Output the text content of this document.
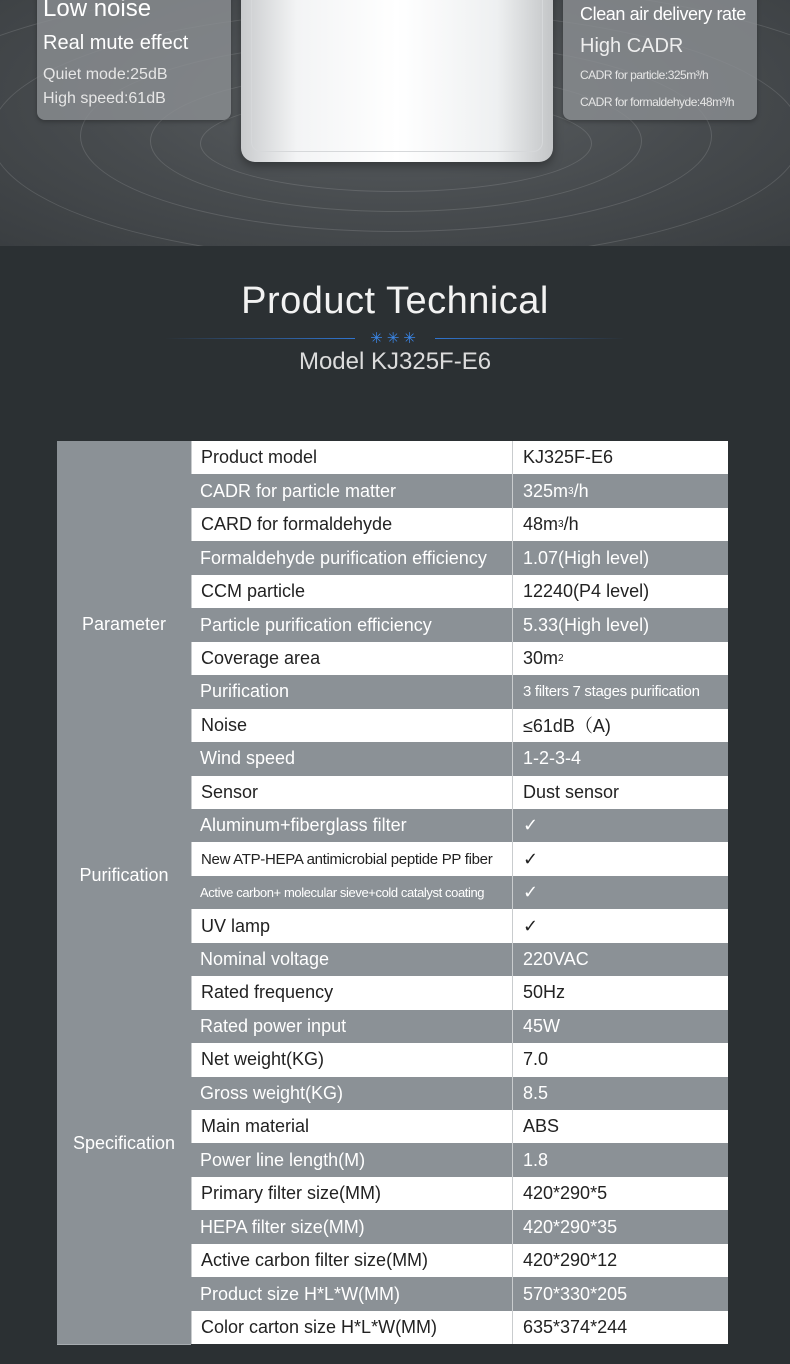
Low noise
Real mute effect
Quiet mode:25dB
High speed:61dB
Clean air delivery rate
High CADR
CADR for particle:325m³/h
CADR for formaldehyde:48m³/h
Product Technical
✳✳✳
Model KJ325F-E6
Product model	KJ325F-E6
CADR for particle matter	325m 3 /h
CARD for formaldehyde	48m 3 /h
Formaldehyde purification efficiency	1.07(High level)
CCM particle	12240(P4 level)
Particle purification efficiency	5.33(High level)
Coverage area	30m 2
Purification	3 filters 7 stages purification
Noise	≤61dB（A)
Wind speed	1-2-3-4
Sensor	Dust sensor
Parameter
Aluminum+fiberglass filter	✓
New ATP-HEPA antimicrobial peptide PP fiber	✓
Active carbon+ molecular sieve+cold catalyst coating	✓
UV lamp	✓
Purification
Nominal voltage	220VAC
Rated frequency	50Hz
Rated power input	45W
Net weight(KG)	7.0
Gross weight(KG)	8.5
Main material	ABS
Power line length(M)	1.8
Primary filter size(MM)	420*290*5
HEPA filter size(MM)	420*290*35
Active carbon filter size(MM)	420*290*12
Product size H*L*W(MM)	570*330*205
Color carton size H*L*W(MM)	635*374*244
Specification
